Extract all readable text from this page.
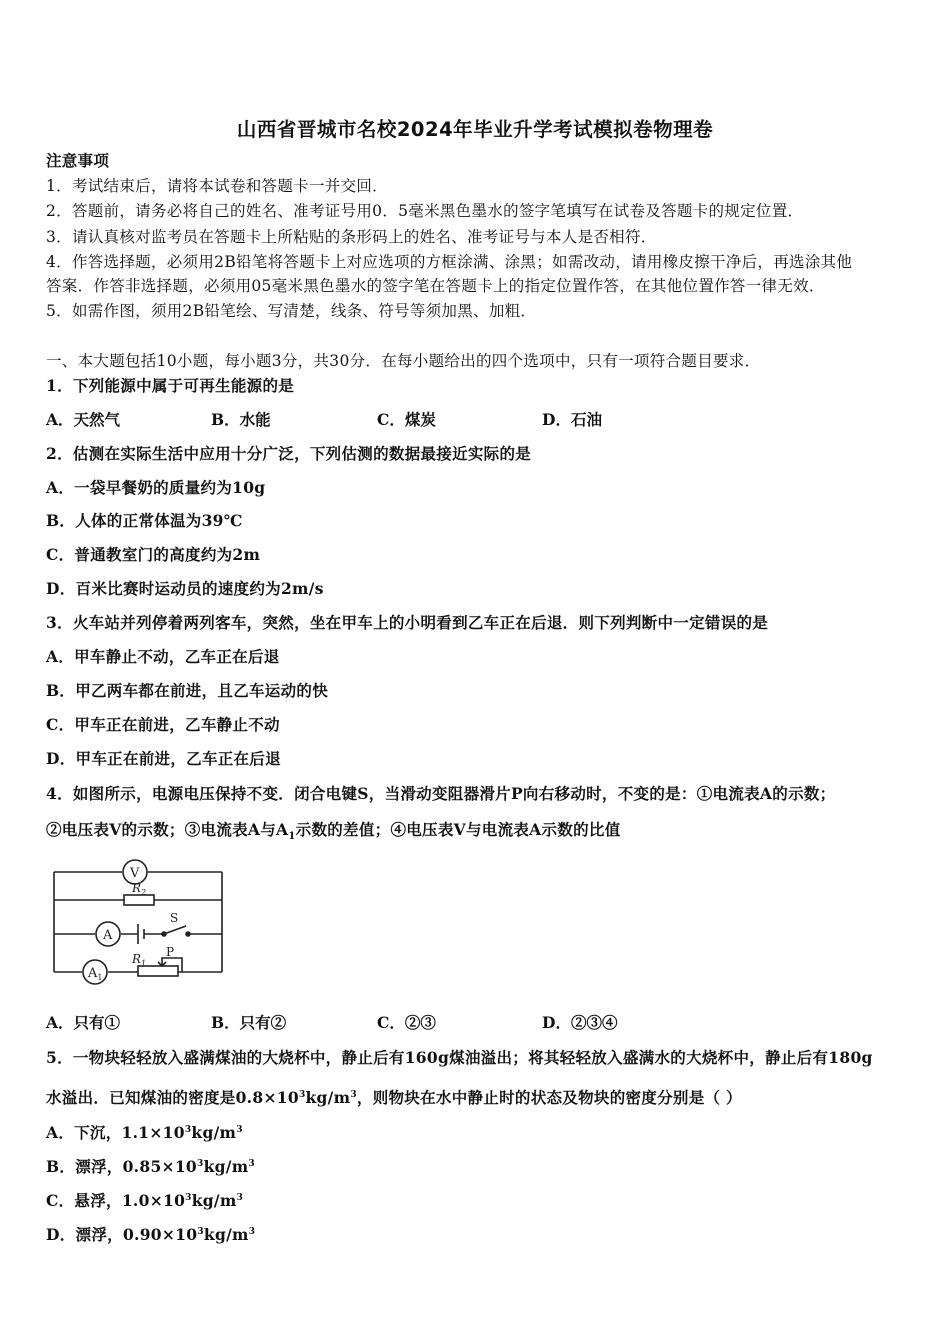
山西省晋城市名校2024年毕业升学考试模拟卷物理卷
注意事项
1．考试结束后，请将本试卷和答题卡一并交回．
2．答题前，请务必将自己的姓名、准考证号用0．5毫米黑色墨水的签字笔填写在试卷及答题卡的规定位置．
3．请认真核对监考员在答题卡上所粘贴的条形码上的姓名、准考证号与本人是否相符．
4．作答选择题，必须用2B铅笔将答题卡上对应选项的方框涂满、涂黑；如需改动，请用橡皮擦干净后，再选涂其他
答案．作答非选择题，必须用05毫米黑色墨水的签字笔在答题卡上的指定位置作答，在其他位置作答一律无效．
5．如需作图，须用2B铅笔绘、写清楚，线条、符号等须加黑、加粗．
一、本大题包括10小题，每小题3分，共30分．在每小题给出的四个选项中，只有一项符合题目要求．
1．下列能源中属于可再生能源的是
A．天然气	B．水能	C．煤炭	D．石油
2．估测在实际生活中应用十分广泛，下列估测的数据最接近实际的是
A．一袋早餐奶的质量约为10g
B．人体的正常体温为39℃
C．普通教室门的高度约为2m
D．百米比赛时运动员的速度约为2m/s
3．火车站并列停着两列客车，突然，坐在甲车上的小明看到乙车正在后退．则下列判断中一定错误的是
A．甲车静止不动，乙车正在后退
B．甲乙两车都在前进，且乙车运动的快
C．甲车正在前进，乙车静止不动
D．甲车正在前进，乙车正在后退
4．如图所示，电源电压保持不变．闭合电键S，当滑动变阻器滑片P向右移动时，不变的是：①电流表A的示数；
②电压表V的示数；③电流表A与$A_1$示数的差值；④电压表V与电流表A示数的比值
V
A
$A_1$
$R_2$
$R_1$
S
P
A．只有①	B．只有②	C．②③	D．②③④
5．一物块轻轻放入盛满煤油的大烧杯中，静止后有160g煤油溢出；将其轻轻放入盛满水的大烧杯中，静止后有180g
水溢出．已知煤油的密度是$0.8\times 10^3kg/m^3$，则物块在水中静止时的状态及物块的密度分别是（ ）
A．下沉，$1.1\times 10^3kg/m^3$
B．漂浮，$0.85\times 10^3kg/m^3$
C．悬浮，$1.0\times 10^3kg/m^3$
D．漂浮，$0.90\times 10^3kg/m^3$
